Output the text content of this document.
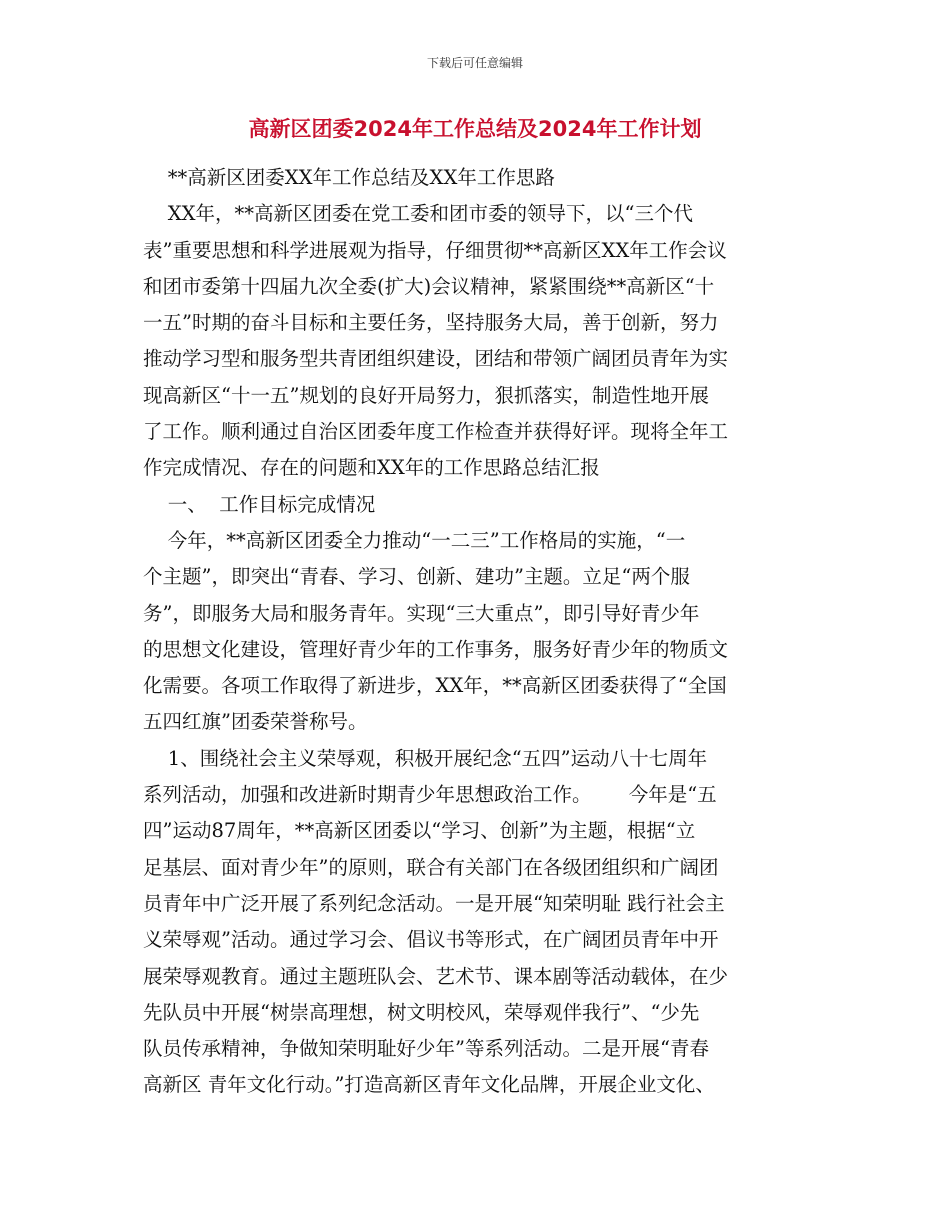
下载后可任意编辑
高新区团委2024年工作总结及2024年工作计划
**高新区团委XX年工作总结及XX年工作思路
XX年，**高新区团委在党工委和团市委的领导下，以“三个代
表”重要思想和科学进展观为指导，仔细贯彻**高新区XX年工作会议
和团市委第十四届九次全委(扩大)会议精神，紧紧围绕**高新区“十
一五”时期的奋斗目标和主要任务，坚持服务大局，善于创新，努力
推动学习型和服务型共青团组织建设，团结和带领广阔团员青年为实
现高新区“十一五”规划的良好开局努力，狠抓落实，制造性地开展
了工作。顺利通过自治区团委年度工作检查并获得好评。现将全年工
作完成情况、存在的问题和XX年的工作思路总结汇报
一、  工作目标完成情况
今年，**高新区团委全力推动“一二三”工作格局的实施，“一
个主题”，即突出“青春、学习、创新、建功”主题。立足“两个服
务”，即服务大局和服务青年。实现“三大重点”，即引导好青少年
的思想文化建设，管理好青少年的工作事务，服务好青少年的物质文
化需要。各项工作取得了新进步，XX年，**高新区团委获得了“全国
五四红旗”团委荣誉称号。
1、围绕社会主义荣辱观，积极开展纪念“五四”运动八十七周年
系列活动，加强和改进新时期青少年思想政治工作。      今年是“五
四”运动87周年，**高新区团委以“学习、创新”为主题，根据“立
足基层、面对青少年”的原则，联合有关部门在各级团组织和广阔团
员青年中广泛开展了系列纪念活动。一是开展“知荣明耻 践行社会主
义荣辱观”活动。通过学习会、倡议书等形式，在广阔团员青年中开
展荣辱观教育。通过主题班队会、艺术节、课本剧等活动载体，在少
先队员中开展“树崇高理想，树文明校风，荣辱观伴我行”、“少先
队员传承精神，争做知荣明耻好少年”等系列活动。二是开展“青春
高新区 青年文化行动。”打造高新区青年文化品牌，开展企业文化、
